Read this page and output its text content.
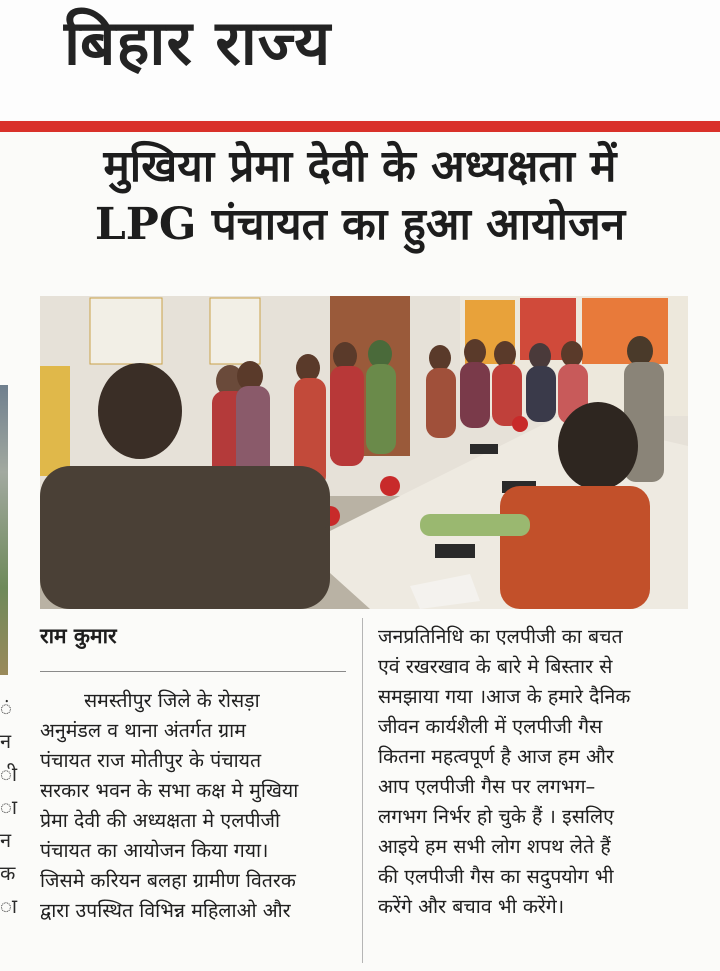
बिहार राज्य
मुखिया प्रेमा देवी के अध्यक्षता में
LPG पंचायत का हुआ आयोजन
ं
न
ी
ा
न
क
ा
राम कुमार
समस्तीपुर जिले के रोसड़ा
अनुमंडल व थाना अंतर्गत ग्राम
पंचायत राज मोतीपुर के पंचायत
सरकार भवन के सभा कक्ष मे मुखिया
प्रेमा देवी की अध्यक्षता मे एलपीजी
पंचायत का आयोजन किया गया।
जिसमे करियन बलहा ग्रामीण वितरक
द्वारा उपस्थित विभिन्न महिलाओ और
जनप्रतिनिधि का एलपीजी का बचत
एवं रखरखाव के बारे मे बिस्तार से
समझाया गया ।आज के हमारे दैनिक
जीवन कार्यशैली में एलपीजी गैस
कितना महत्वपूर्ण है आज हम और
आप एलपीजी गैस पर लगभग–
लगभग निर्भर हो चुके हैं । इसलिए
आइये हम सभी लोग शपथ लेते हैं
की एलपीजी गैस का सदुपयोग भी
करेंगे और बचाव भी करेंगे।
